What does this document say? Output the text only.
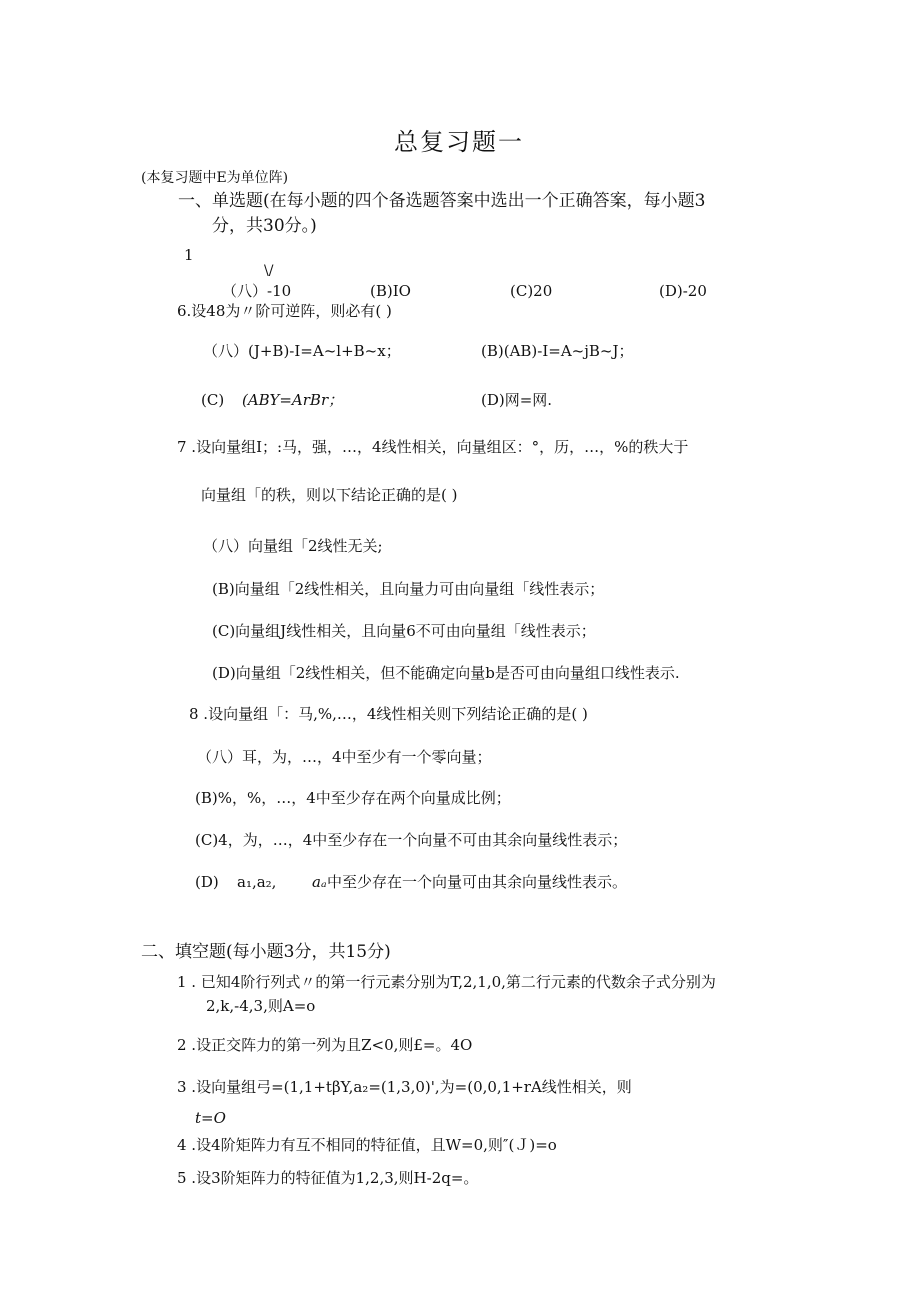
总复习题一
(本复习题中E为单位阵)
一、单选题(在每小题的四个备选题答案中选出一个正确答案，每小题3
分，共30分。)
1
\/
（八）-10	(B)IO	(C)20	(D)-20
6.设48为〃阶可逆阵，则必有( )
（八）(J+B)-I=A~l+B~x；	(B)(AB)-I=A~jB~J；
(C) (ABY=ArBr；	(D)网=网.
7 .设向量组I；:马，强，…，4线性相关，向量组区：°，历，…，%的秩大于
向量组「的秩，则以下结论正确的是( )
（八）向量组「2线性无关;
(B)向量组「2线性相关，且向量力可由向量组「线性表示；
(C)向量组J线性相关，且向量6不可由向量组「线性表示；
(D)向量组「2线性相关，但不能确定向量b是否可由向量组口线性表示.
8 .设向量组「：马,%,…，4线性相关则下列结论正确的是( )
（八）耳，为，…，4中至少有一个零向量；
(B)%，%，…，4中至少存在两个向量成比例；
(C)4，为，…，4中至少存在一个向量不可由其余向量线性表示；
(D) a₁,a₂, aₐ 中至少存在一个向量可由其余向量线性表示。
二、填空题(每小题3分，共15分)
1 . 已知4阶行列式〃的第一行元素分别为T,2,1,0,第二行元素的代数余子式分别为
2,k,-4,3,则A=o
2 .设正交阵力的第一列为且Z<0,则£=。4O
3 .设向量组弓=(1,1+tβY,a₂=(1,3,0)',为=(0,0,1+rA线性相关，则
t=O
4 .设4阶矩阵力有互不相同的特征值，且W=0,则″(Ｊ)=o
5 .设3阶矩阵力的特征值为1,2,3,则H-2q=。
